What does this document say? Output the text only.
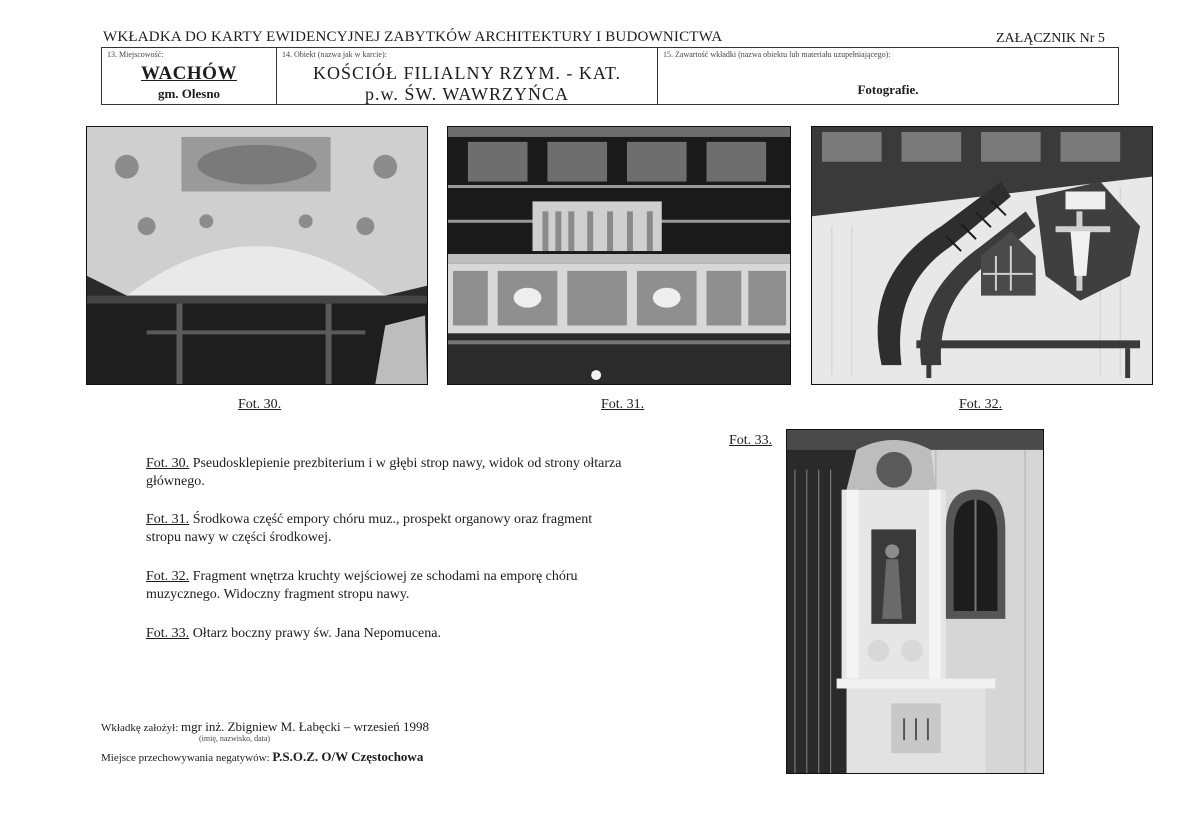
WKŁADKA DO KARTY EWIDENCYJNEJ ZABYTKÓW ARCHITEKTURY I BUDOWNICTWA	ZAŁĄCZNIK Nr 5
13. Miejscowość:
WACHÓW
gm. Olesno
14. Obiekt (nazwa jak w karcie):
KOŚCIÓŁ FILIALNY RZYM. - KAT.
p.w. ŚW. WAWRZYŃCA
15. Zawartość wkładki (nazwa obiektu lub materiału uzupełniającego):
Fotografie.
Fot. 30.	Fot. 31.	Fot. 32.
Fot. 33.
Fot. 30. Pseudosklepienie prezbiterium i w głębi strop nawy, widok od strony ołtarza głównego.
Fot. 31. Środkowa część empory chóru muz., prospekt organowy oraz fragment stropu nawy w części środkowej.
Fot. 32. Fragment wnętrza kruchty wejściowej ze schodami na emporę chóru muzycznego. Widoczny fragment stropu nawy.
Fot. 33. Ołtarz boczny prawy św. Jana Nepomucena.
Wkładkę założył: mgr inż. Zbigniew M. Łabęcki – wrzesień 1998
(imię, nazwisko, data)
Miejsce przechowywania negatywów: P.S.O.Z. O/W Częstochowa
